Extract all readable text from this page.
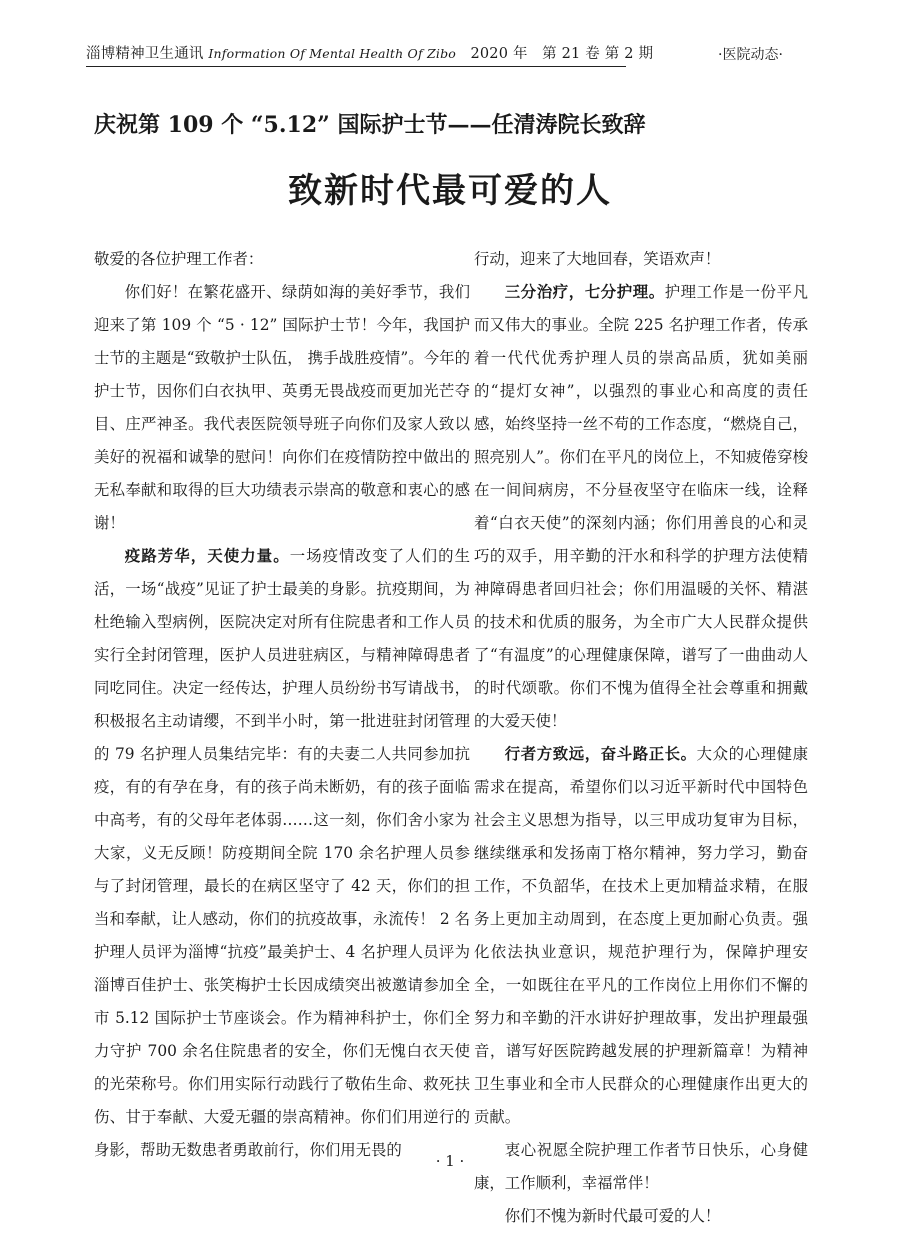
淄博精神卫生通讯 Information Of Mental Health Of Zibo 2020 年 第 21 卷 第 2 期	·医院动态·
庆祝第 109 个 “5.12” 国际护士节——任清涛院长致辞
致新时代最可爱的人

敬爱的各位护理工作者：

你们好！在繁花盛开、绿荫如海的美好季节，我们迎来了第 109 个 “5 · 12” 国际护士节！今年，我国护士节的主题是“致敬护士队伍， 携手战胜疫情”。今年的护士节，因你们白衣执甲、英勇无畏战疫而更加光芒夺目、庄严神圣。我代表医院领导班子向你们及家人致以美好的祝福和诚挚的慰问！向你们在疫情防控中做出的无私奉献和取得的巨大功绩表示崇高的敬意和衷心的感谢！

疫路芳华，天使力量。一场疫情改变了人们的生活，一场“战疫”见证了护士最美的身影。抗疫期间，为杜绝输入型病例，医院决定对所有住院患者和工作人员实行全封闭管理，医护人员进驻病区，与精神障碍患者同吃同住。决定一经传达，护理人员纷纷书写请战书，积极报名主动请缨，不到半小时，第一批进驻封闭管理的 79 名护理人员集结完毕：有的夫妻二人共同参加抗疫，有的有孕在身，有的孩子尚未断奶，有的孩子面临中高考，有的父母年老体弱……这一刻，你们舍小家为大家，义无反顾！防疫期间全院 170 余名护理人员参与了封闭管理，最长的在病区坚守了 42 天，你们的担当和奉献，让人感动，你们的抗疫故事，永流传！ 2 名护理人员评为淄博“抗疫”最美护士、4 名护理人员评为淄博百佳护士、张笑梅护士长因成绩突出被邀请参加全市 5.12 国际护士节座谈会。作为精神科护士，你们全力守护 700 余名住院患者的安全，你们无愧白衣天使的光荣称号。你们用实际行动践行了敬佑生命、救死扶伤、甘于奉献、大爱无疆的崇高精神。你们们用逆行的身影，帮助无数患者勇敢前行，你们用无畏的

行动，迎来了大地回春，笑语欢声！

三分治疗，七分护理。护理工作是一份平凡而又伟大的事业。全院 225 名护理工作者，传承着一代代优秀护理人员的崇高品质，犹如美丽的“提灯女神”，以强烈的事业心和高度的责任感，始终坚持一丝不苟的工作态度，“燃烧自己，照亮别人”。你们在平凡的岗位上，不知疲倦穿梭在一间间病房，不分昼夜坚守在临床一线，诠释着“白衣天使”的深刻内涵；你们用善良的心和灵巧的双手，用辛勤的汗水和科学的护理方法使精神障碍患者回归社会；你们用温暖的关怀、精湛的技术和优质的服务，为全市广大人民群众提供了“有温度”的心理健康保障，谱写了一曲曲动人的时代颂歌。你们不愧为值得全社会尊重和拥戴的大爱天使！

行者方致远，奋斗路正长。大众的心理健康需求在提高，希望你们以习近平新时代中国特色社会主义思想为指导，以三甲成功复审为目标，继续继承和发扬南丁格尔精神，努力学习，勤奋工作，不负韶华，在技术上更加精益求精，在服务上更加主动周到，在态度上更加耐心负责。强化依法执业意识，规范护理行为，保障护理安全，一如既往在平凡的工作岗位上用你们不懈的努力和辛勤的汗水讲好护理故事，发出护理最强音，谱写好医院跨越发展的护理新篇章！为精神卫生事业和全市人民群众的心理健康作出更大的贡献。

衷心祝愿全院护理工作者节日快乐，心身健康，工作顺利，幸福常伴！

你们不愧为新时代最可爱的人！

· 1 ·
